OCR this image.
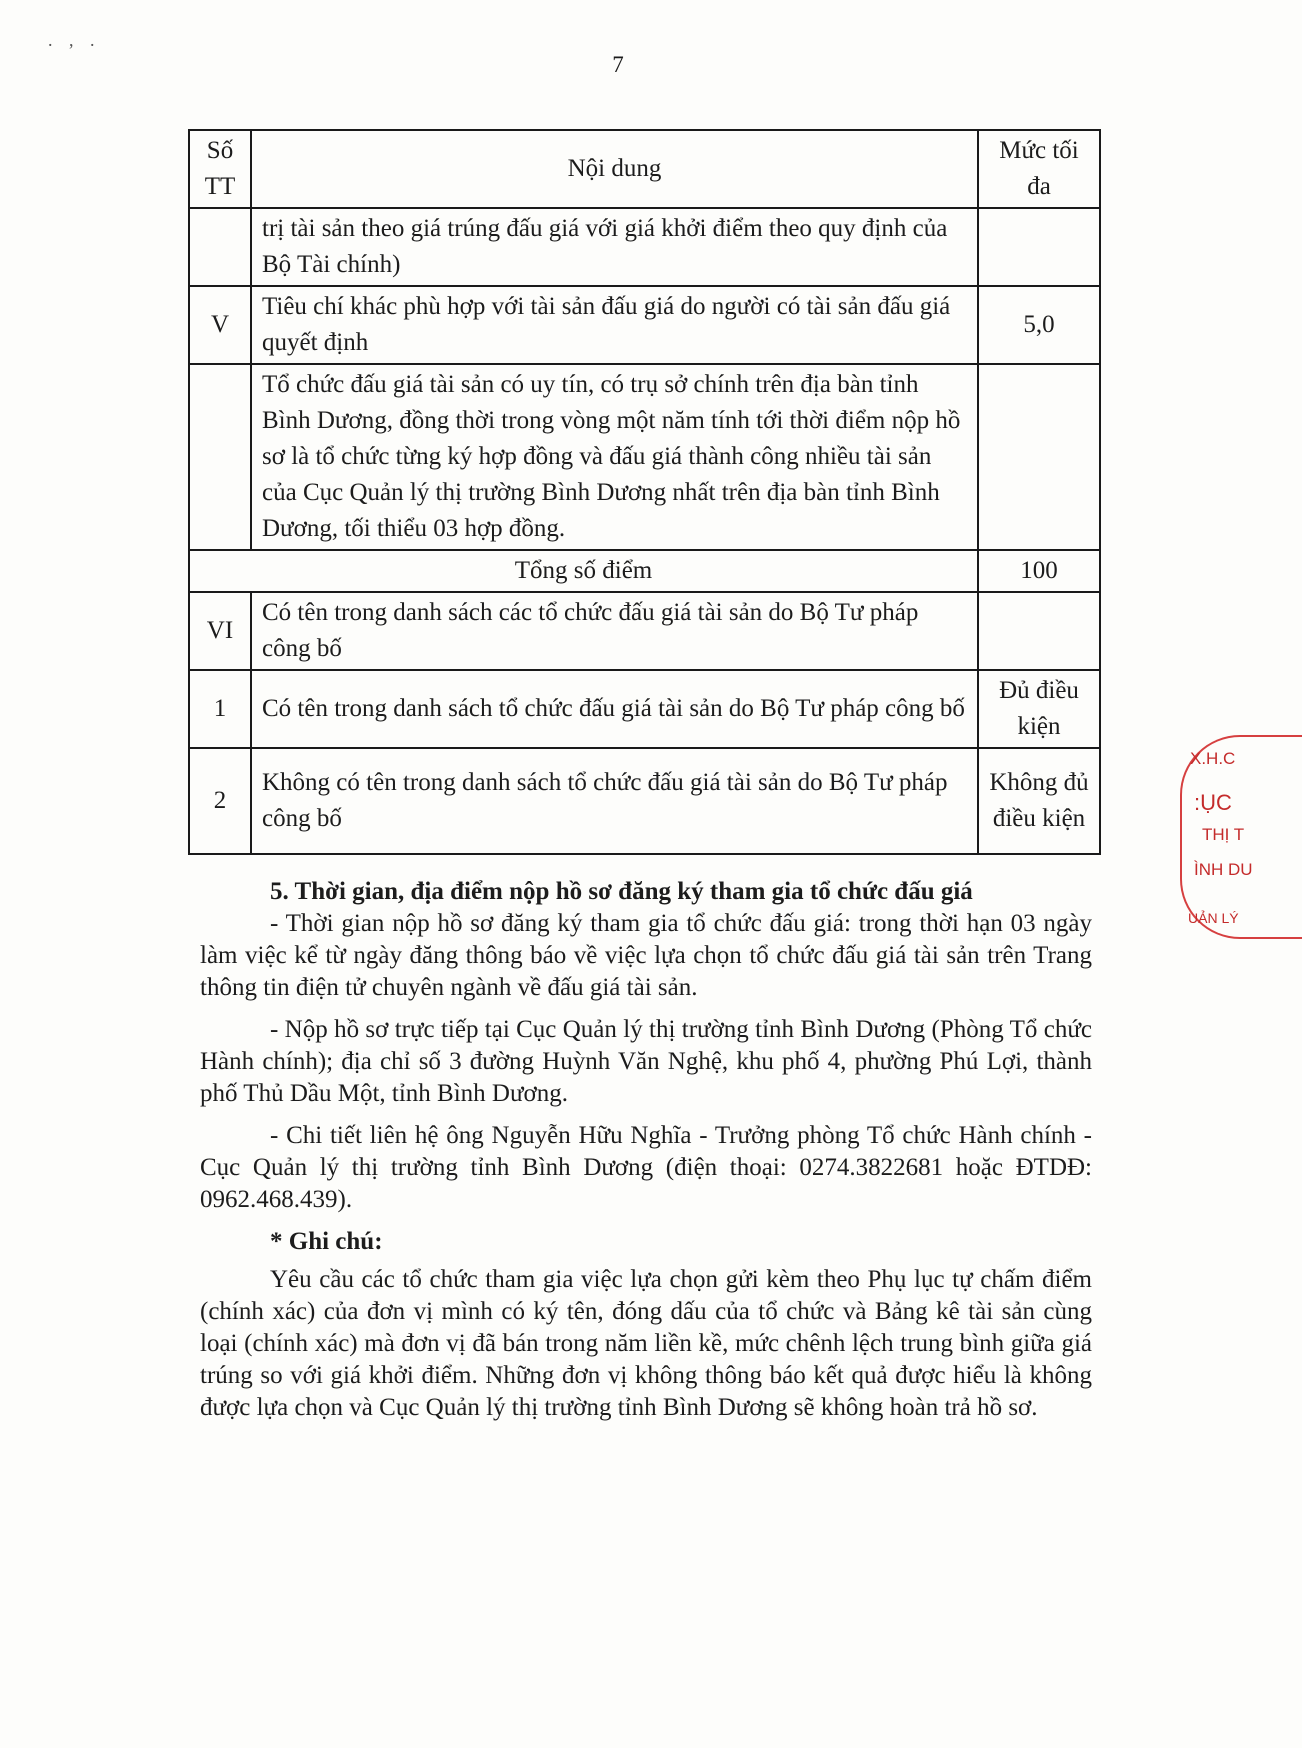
. , .
7
Số TT	Nội dung	Mức tối đa
	trị tài sản theo giá trúng đấu giá với giá khởi điểm theo quy định của Bộ Tài chính)	
V	Tiêu chí khác phù hợp với tài sản đấu giá do người có tài sản đấu giá quyết định	5,0
	Tổ chức đấu giá tài sản có uy tín, có trụ sở chính trên địa bàn tỉnh Bình Dương, đồng thời trong vòng một năm tính tới thời điểm nộp hồ sơ là tổ chức từng ký hợp đồng và đấu giá thành công nhiều tài sản của Cục Quản lý thị trường Bình Dương nhất trên địa bàn tỉnh Bình Dương, tối thiểu 03 hợp đồng.	
Tổng số điểm		100
VI	Có tên trong danh sách các tổ chức đấu giá tài sản do Bộ Tư pháp công bố	
1	Có tên trong danh sách tổ chức đấu giá tài sản do Bộ Tư pháp công bố	Đủ điều kiện
2	Không có tên trong danh sách tổ chức đấu giá tài sản do Bộ Tư pháp công bố	Không đủ điều kiện
5. Thời gian, địa điểm nộp hồ sơ đăng ký tham gia tổ chức đấu giá
- Thời gian nộp hồ sơ đăng ký tham gia tổ chức đấu giá: trong thời hạn 03 ngày làm việc kể từ ngày đăng thông báo về việc lựa chọn tổ chức đấu giá tài sản trên Trang thông tin điện tử chuyên ngành về đấu giá tài sản.
- Nộp hồ sơ trực tiếp tại Cục Quản lý thị trường tỉnh Bình Dương (Phòng Tổ chức Hành chính); địa chỉ số 3 đường Huỳnh Văn Nghệ, khu phố 4, phường Phú Lợi, thành phố Thủ Dầu Một, tỉnh Bình Dương.
- Chi tiết liên hệ ông Nguyễn Hữu Nghĩa - Trưởng phòng Tổ chức Hành chính - Cục Quản lý thị trường tỉnh Bình Dương (điện thoại: 0274.3822681 hoặc ĐTDĐ: 0962.468.439).
* Ghi chú:
Yêu cầu các tổ chức tham gia việc lựa chọn gửi kèm theo Phụ lục tự chấm điểm (chính xác) của đơn vị mình có ký tên, đóng dấu của tổ chức và Bảng kê tài sản cùng loại (chính xác) mà đơn vị đã bán trong năm liền kề, mức chênh lệch trung bình giữa giá trúng so với giá khởi điểm. Những đơn vị không thông báo kết quả được hiểu là không được lựa chọn và Cục Quản lý thị trường tỉnh Bình Dương sẽ không hoàn trả hồ sơ.
X.H.C
:ỤC
THỊ T
ÌNH DU
UẢN LÝ
